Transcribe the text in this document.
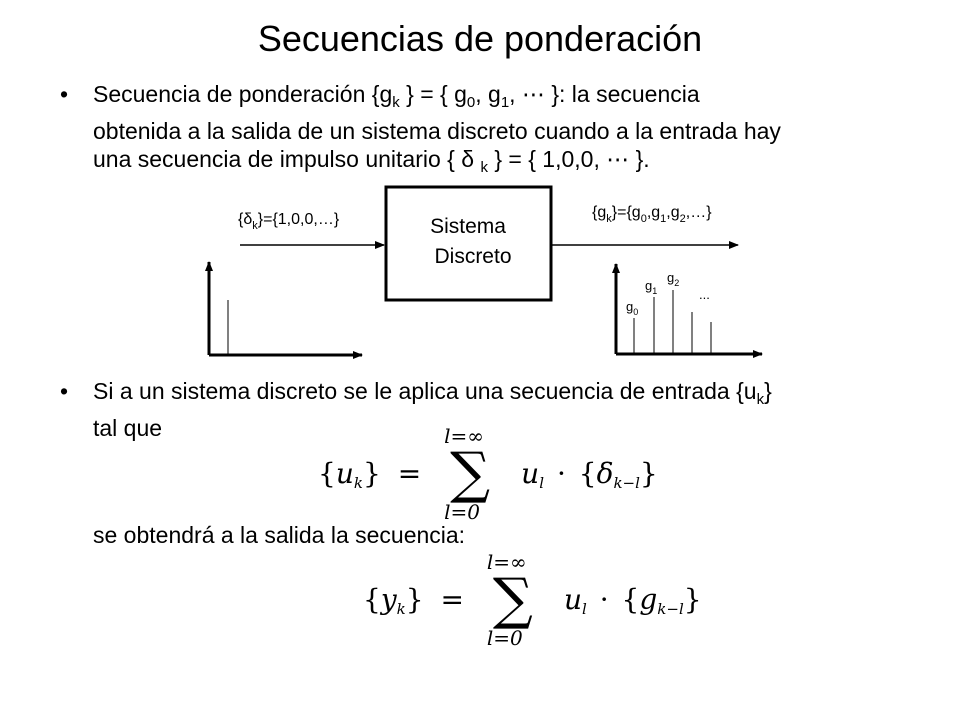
Secuencias de ponderación
• Secuencia de ponderación {$g_k$ } = { $g_0$, $g_1$, ⋯ }: la secuencia
obtenida a la salida de un sistema discreto cuando a la entrada hay
una secuencia de impulso unitario { δ $_k$ } = { 1,0,0, ⋯ }.
$\{\delta_k\}=\{1,0,0,\dots\}$	Sistema
Discreto
$\{g_k\}=\{g_0,g_1,g_2,\dots\}$
$g_0$
$g_1$
$g_2$
...
• Si a un sistema discreto se le aplica una secuencia de entrada $\{u_k\}$
tal que
$\{u_k\}$ =
l=∞
∑
l=0
$u_l \cdot \{\delta_{k-l}\}$
se obtendrá a la salida la secuencia:
$\{y_k\}$ =
l=∞
∑
l=0
$u_l \cdot \{g_{k-l}\}$
